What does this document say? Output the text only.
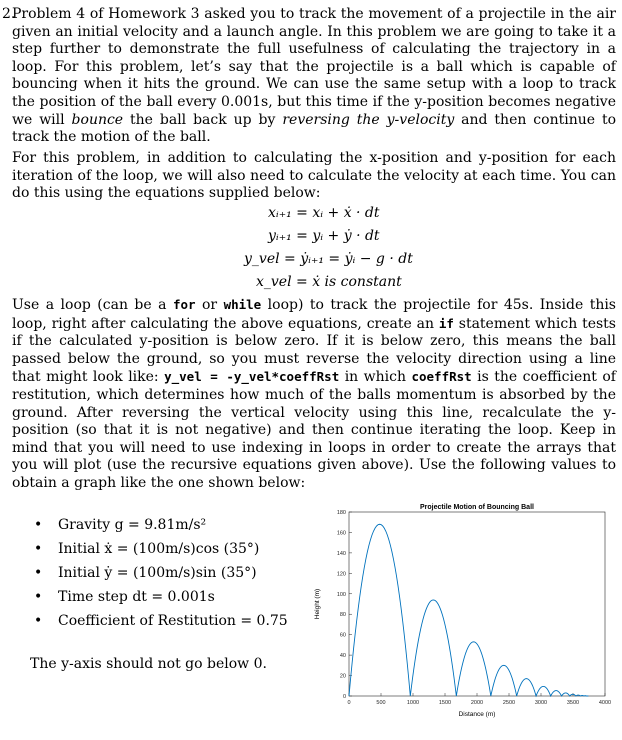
2.
Problem 4 of Homework 3 asked you to track the movement of a projectile in the air given an initial velocity and a launch angle. In this problem we are going to take it a step further to demonstrate the full usefulness of calculating the trajectory in a loop. For this problem, let’s say that the projectile is a ball which is capable of bouncing when it hits the ground. We can use the same setup with a loop to track the position of the ball every 0.001s, but this time if the y-position becomes negative we will bounce the ball back up by reversing the y-velocity and then continue to track the motion of the ball.
For this problem, in addition to calculating the x-position and y-position for each iteration of the loop, we will also need to calculate the velocity at each time. You can do this using the equations supplied below:
xᵢ₊₁ = xᵢ + ẋ · dt
yᵢ₊₁ = yᵢ + ẏ · dt
y_vel = ẏᵢ₊₁ = ẏᵢ − g · dt
x_vel = ẋ is constant
Use a loop (can be a for or while loop) to track the projectile for 45s. Inside this loop, right after calculating the above equations, create an if statement which tests if the calculated y-position is below zero. If it is below zero, this means the ball passed below the ground, so you must reverse the velocity direction using a line that might look like: y_vel = -y_vel*coeffRst in which coeffRst is the coefficient of restitution, which determines how much of the balls momentum is absorbed by the ground. After reversing the vertical velocity using this line, recalculate the y-position (so that it is not negative) and then continue iterating the loop. Keep in mind that you will need to use indexing in loops in order to create the arrays that you will plot (use the recursive equations given above). Use the following values to obtain a graph like the one shown below:
• Gravity g = 9.81m/s²
• Initial ẋ = (100m/s)cos (35°)
• Initial ẏ = (100m/s)sin (35°)
• Time step dt = 0.001s
• Coefficient of Restitution = 0.75
The y-axis should not go below 0.
Projectile Motion of Bouncing Ball
0
20
40
60
80
100
120
140
160
180
0	500	1000	1500	2000	2500	3000	3500	4000
Distance (m)
Height (m)
